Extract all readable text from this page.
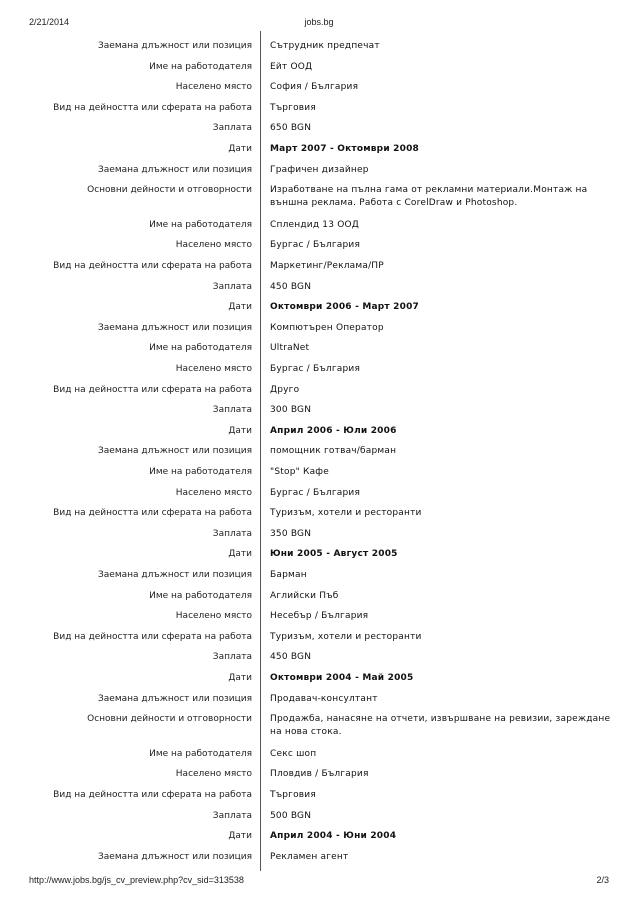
2/21/2014	jobs.bg
Заемана длъжност или позиция Сътрудник предпечат
Име на работодателя Ейт ООД
Населено място София / България
Вид на дейността или сферата на работа Търговия
Заплата 650 BGN
Дати Март 2007 - Октомври 2008
Заемана длъжност или позиция Графичен дизайнер
Основни дейности и отговорности Изработване на пълна гама от рекламни материали.Монтаж на външна реклама. Работа с CorelDraw и Photoshop.
Име на работодателя Сплендид 13 ООД
Населено място Бургас / България
Вид на дейността или сферата на работа Маркетинг/Реклама/ПР
Заплата 450 BGN
Дати Октомври 2006 - Март 2007
Заемана длъжност или позиция Компютърен Оператор
Име на работодателя UltraNet
Населено място Бургас / България
Вид на дейността или сферата на работа Друго
Заплата 300 BGN
Дати Април 2006 - Юли 2006
Заемана длъжност или позиция помощник готвач/барман
Име на работодателя "Stop" Кафе
Населено място Бургас / България
Вид на дейността или сферата на работа Туризъм, хотели и ресторанти
Заплата 350 BGN
Дати Юни 2005 - Август 2005
Заемана длъжност или позиция Барман
Име на работодателя Аглийски Пъб
Населено място Несебър / България
Вид на дейността или сферата на работа Туризъм, хотели и ресторанти
Заплата 450 BGN
Дати Октомври 2004 - Май 2005
Заемана длъжност или позиция Продавач-консултант
Основни дейности и отговорности Продажба, нанасяне на отчети, извършване на ревизии, зареждане на нова стока.
Име на работодателя Секс шоп
Населено място Пловдив / България
Вид на дейността или сферата на работа Търговия
Заплата 500 BGN
Дати Април 2004 - Юни 2004
Заемана длъжност или позиция Рекламен агент
http://www.jobs.bg/js_cv_preview.php?cv_sid=313538	2/3
